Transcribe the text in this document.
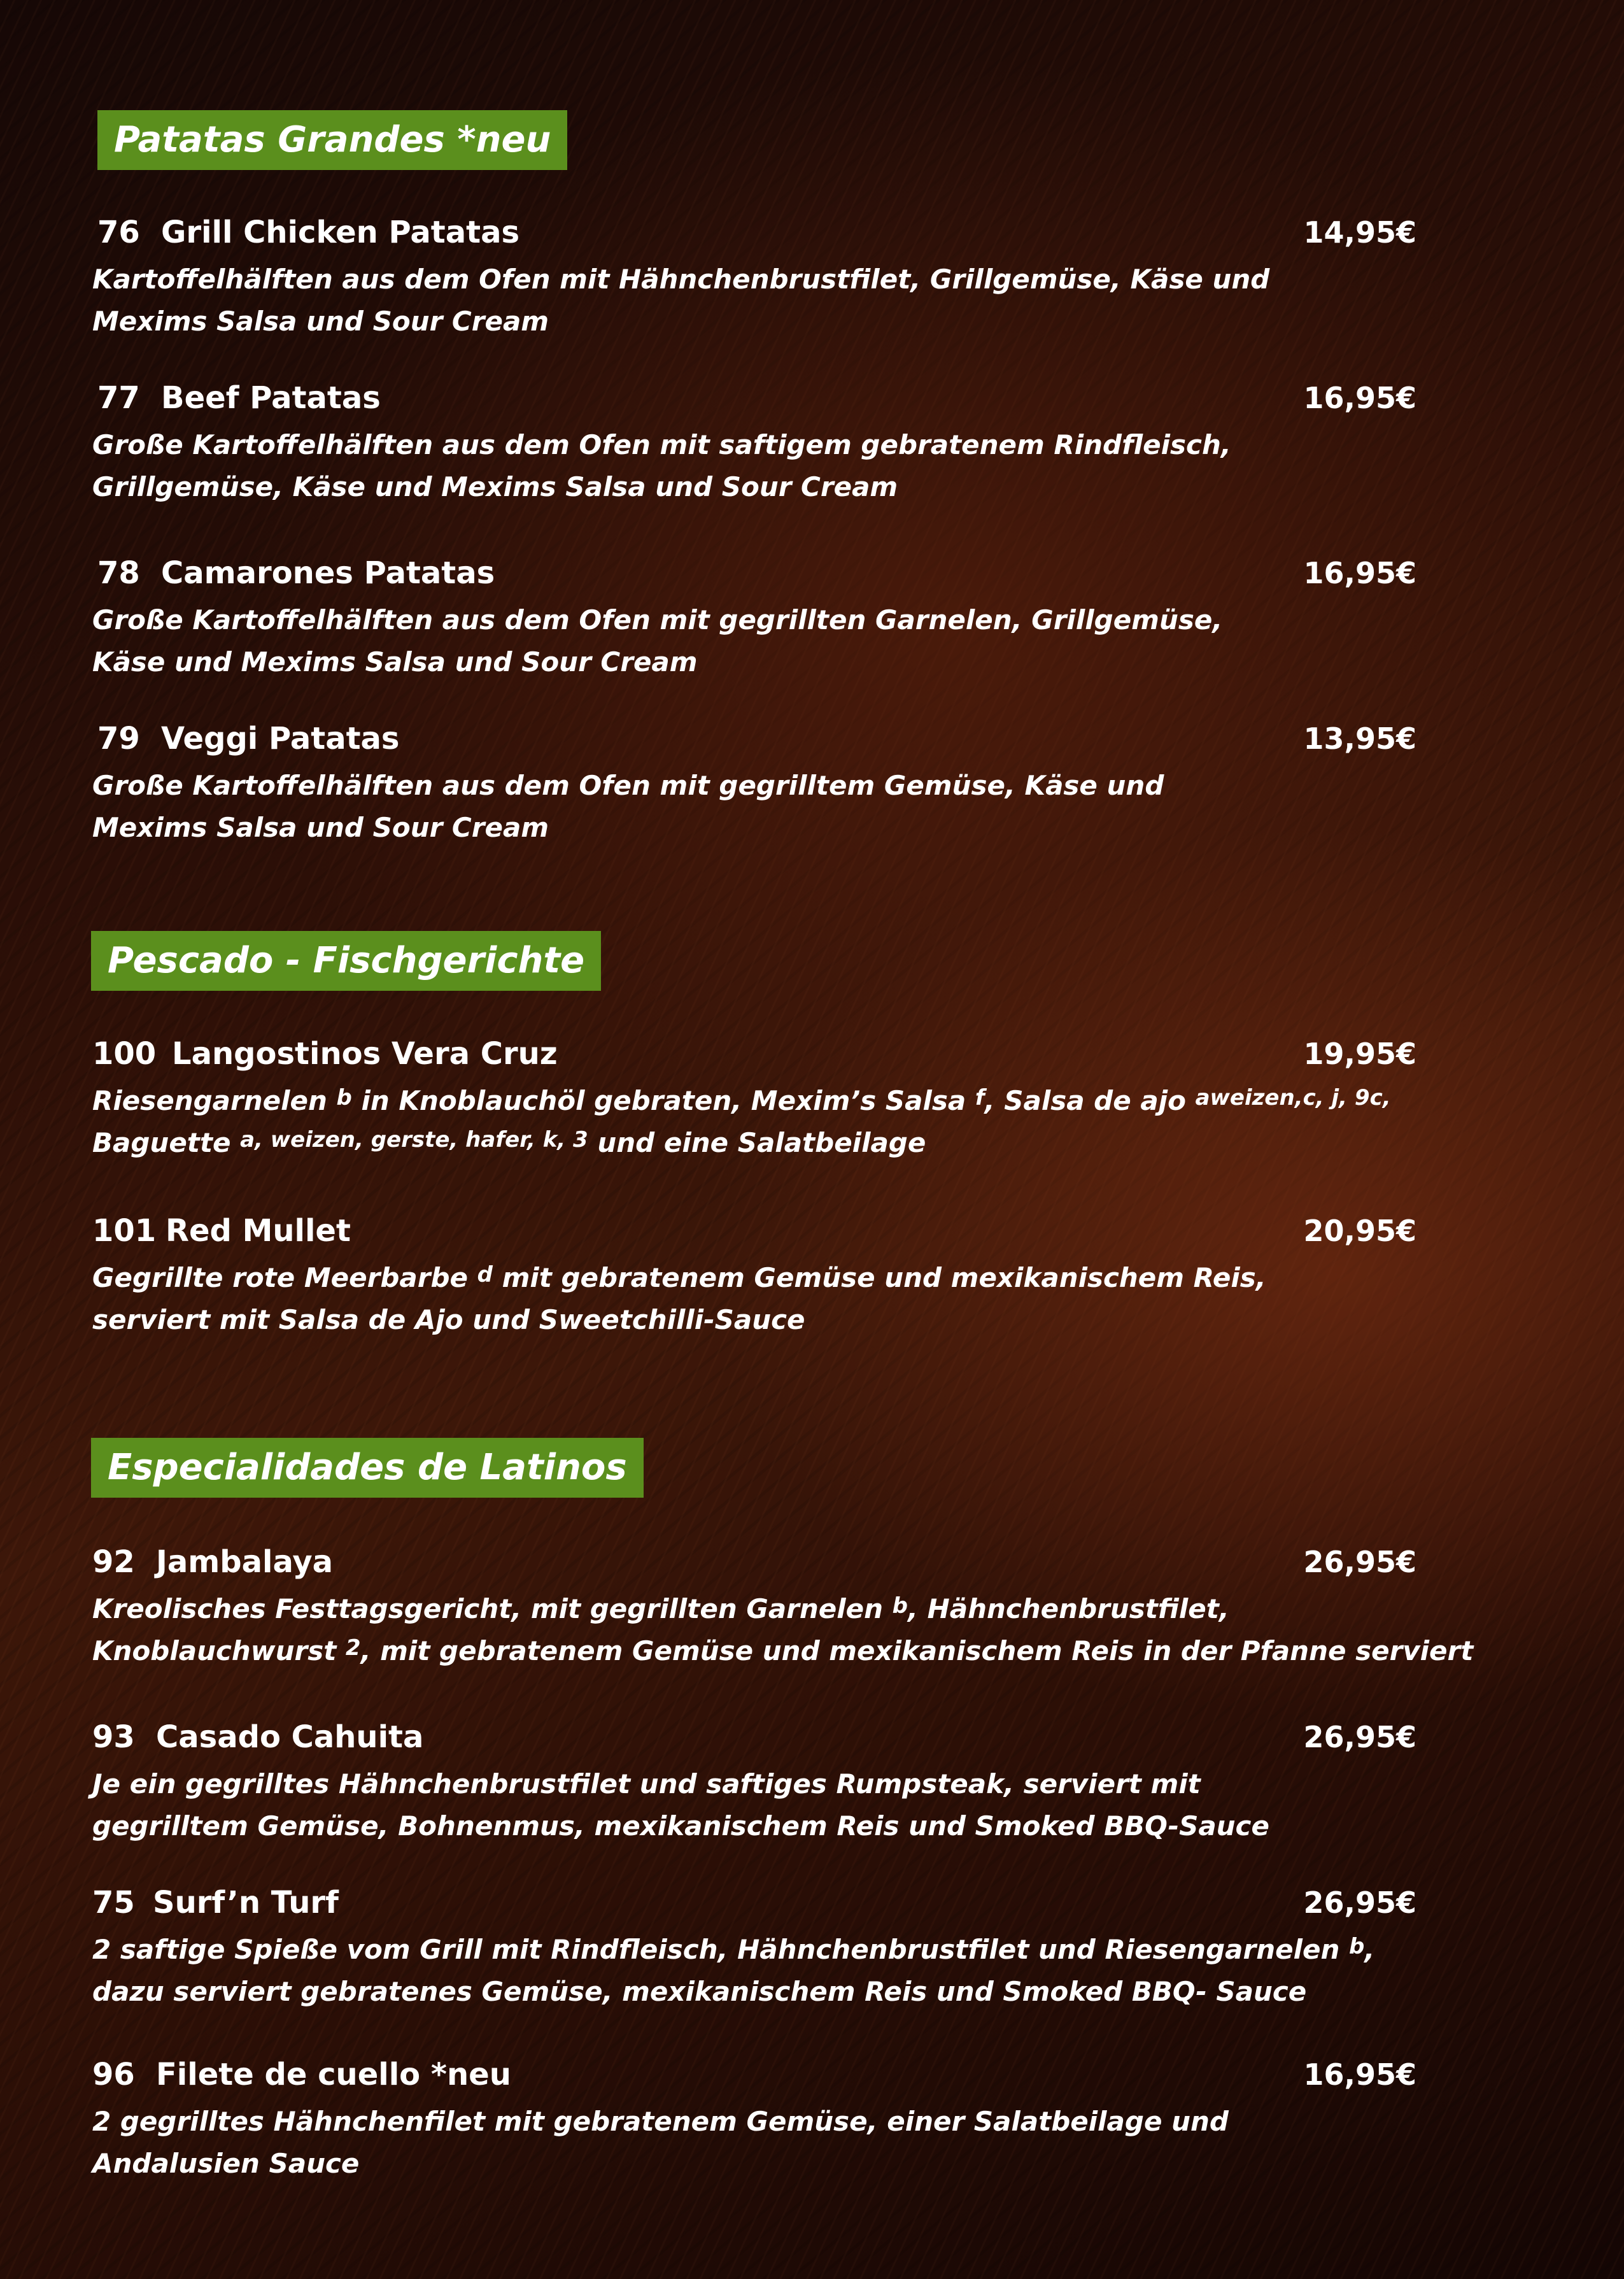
Patatas Grandes *neu
76 Grill Chicken Patatas	14,95€
Kartoffelhälften aus dem Ofen mit Hähnchenbrustfilet, Grillgemüse, Käse und
Mexims Salsa und Sour Cream
77 Beef Patatas	16,95€
Große Kartoffelhälften aus dem Ofen mit saftigem gebratenem Rindfleisch,
Grillgemüse, Käse und Mexims Salsa und Sour Cream
78 Camarones Patatas	16,95€
Große Kartoffelhälften aus dem Ofen mit gegrillten Garnelen, Grillgemüse,
Käse und Mexims Salsa und Sour Cream
79 Veggi Patatas	13,95€
Große Kartoffelhälften aus dem Ofen mit gegrilltem Gemüse, Käse und
Mexims Salsa und Sour Cream
Pescado - Fischgerichte
100 Langostinos Vera Cruz	19,95€
Riesengarnelen $^b$ in Knoblauchöl gebraten, Mexim’s Salsa $^f$, Salsa de ajo $^{aweizen,c, j, 9c,}$
Baguette $^{a, weizen, gerste, hafer, k, 3}$ und eine Salatbeilage
101 Red Mullet	20,95€
Gegrillte rote Meerbarbe $^d$ mit gebratenem Gemüse und mexikanischem Reis,
serviert mit Salsa de Ajo und Sweetchilli-Sauce
Especialidades de Latinos
92 Jambalaya	26,95€
Kreolisches Festtagsgericht, mit gegrillten Garnelen $^b$, Hähnchenbrustfilet,
Knoblauchwurst $^2$, mit gebratenem Gemüse und mexikanischem Reis in der Pfanne serviert
93 Casado Cahuita	26,95€
Je ein gegrilltes Hähnchenbrustfilet und saftiges Rumpsteak, serviert mit
gegrilltem Gemüse, Bohnenmus, mexikanischem Reis und Smoked BBQ-Sauce
75 Surf’n Turf	26,95€
2 saftige Spieße vom Grill mit Rindfleisch, Hähnchenbrustfilet und Riesengarnelen $^b$,
dazu serviert gebratenes Gemüse, mexikanischem Reis und Smoked BBQ- Sauce
96 Filete de cuello *neu	16,95€
2 gegrilltes Hähnchenfilet mit gebratenem Gemüse, einer Salatbeilage und
Andalusien Sauce
